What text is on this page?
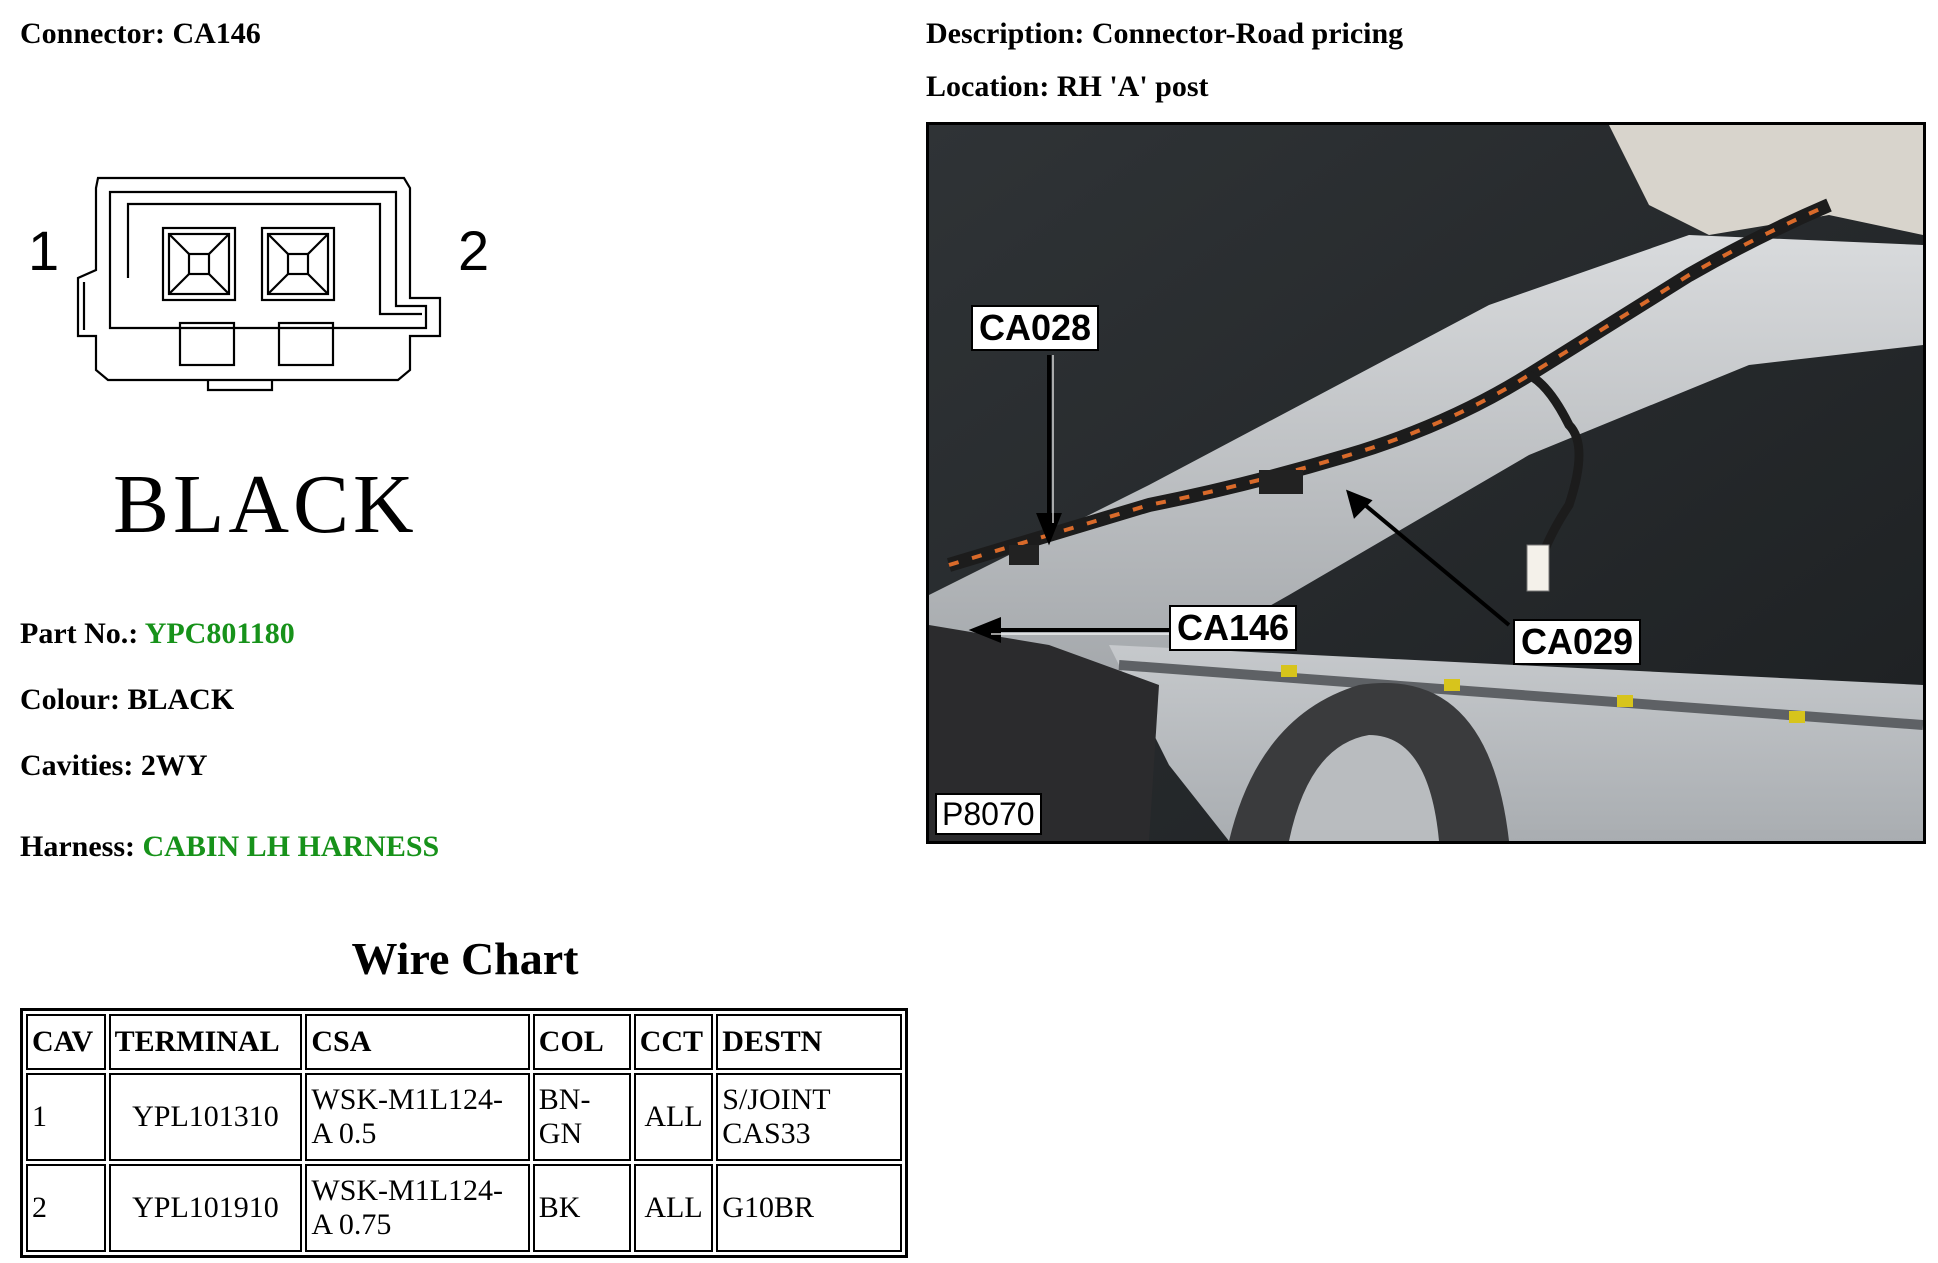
Connector: CA146	Description: Connector-Road pricing
Location: RH 'A' post
1	2
BLACK
Part No.: YPC801180
Colour: BLACK
Cavities: 2WY
Harness: CABIN LH HARNESS
Wire Chart
CAV	TERMINAL	CSA	COL	CCT	DESTN
1	YPL101310	WSK-M1L124-A 0.5	BN-GN	ALL	S/JOINT CAS33
2	YPL101910	WSK-M1L124-A 0.75	BK	ALL	G10BR
CA028
CA146	CA029
P8070
